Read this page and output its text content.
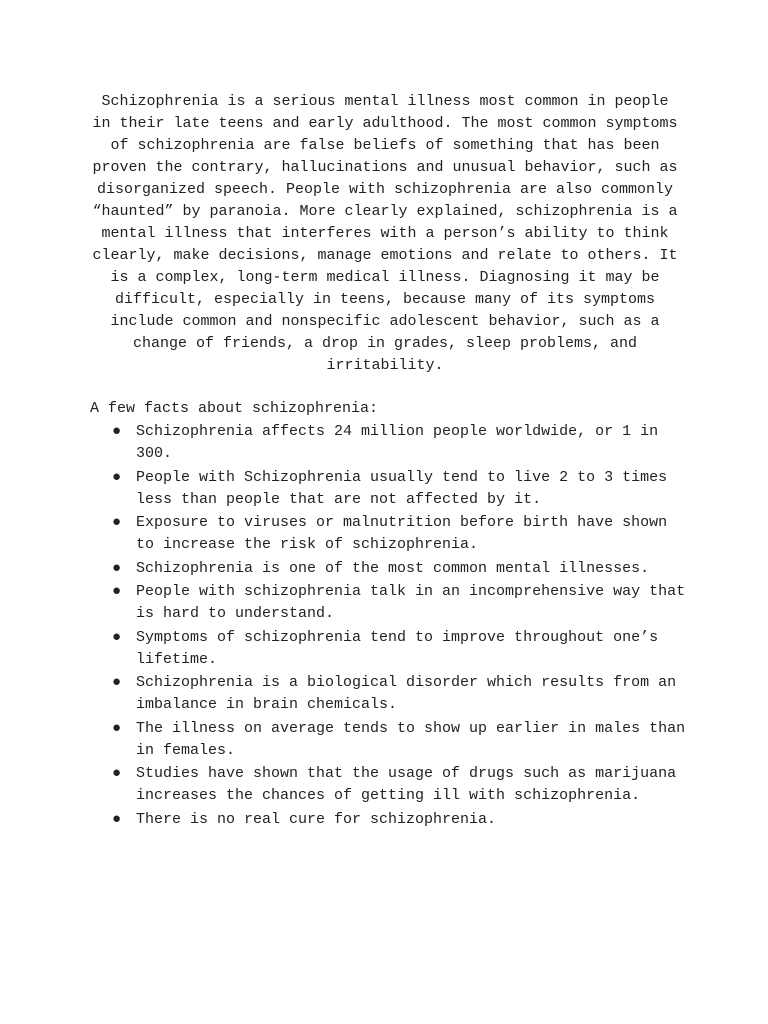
Schizophrenia is a serious mental illness most common in people in their late teens and early adulthood. The most common symptoms of schizophrenia are false beliefs of something that has been proven the contrary, hallucinations and unusual behavior, such as disorganized speech. People with schizophrenia are also commonly “haunted” by paranoia. More clearly explained, schizophrenia is a mental illness that interferes with a person’s ability to think clearly, make decisions, manage emotions and relate to others. It is a complex, long-term medical illness. Diagnosing it may be difficult, especially in teens, because many of its symptoms include common and nonspecific adolescent behavior, such as a change of friends, a drop in grades, sleep problems, and irritability.

A few facts about schizophrenia:

● Schizophrenia affects 24 million people worldwide, or 1 in 300.
● People with Schizophrenia usually tend to live 2 to 3 times less than people that are not affected by it.
● Exposure to viruses or malnutrition before birth have shown to increase the risk of schizophrenia.
● Schizophrenia is one of the most common mental illnesses.
● People with schizophrenia talk in an incomprehensive way that is hard to understand.
● Symptoms of schizophrenia tend to improve throughout one’s lifetime.
● Schizophrenia is a biological disorder which results from an imbalance in brain chemicals.
● The illness on average tends to show up earlier in males than in females.
● Studies have shown that the usage of drugs such as marijuana increases the chances of getting ill with schizophrenia.
● There is no real cure for schizophrenia.
